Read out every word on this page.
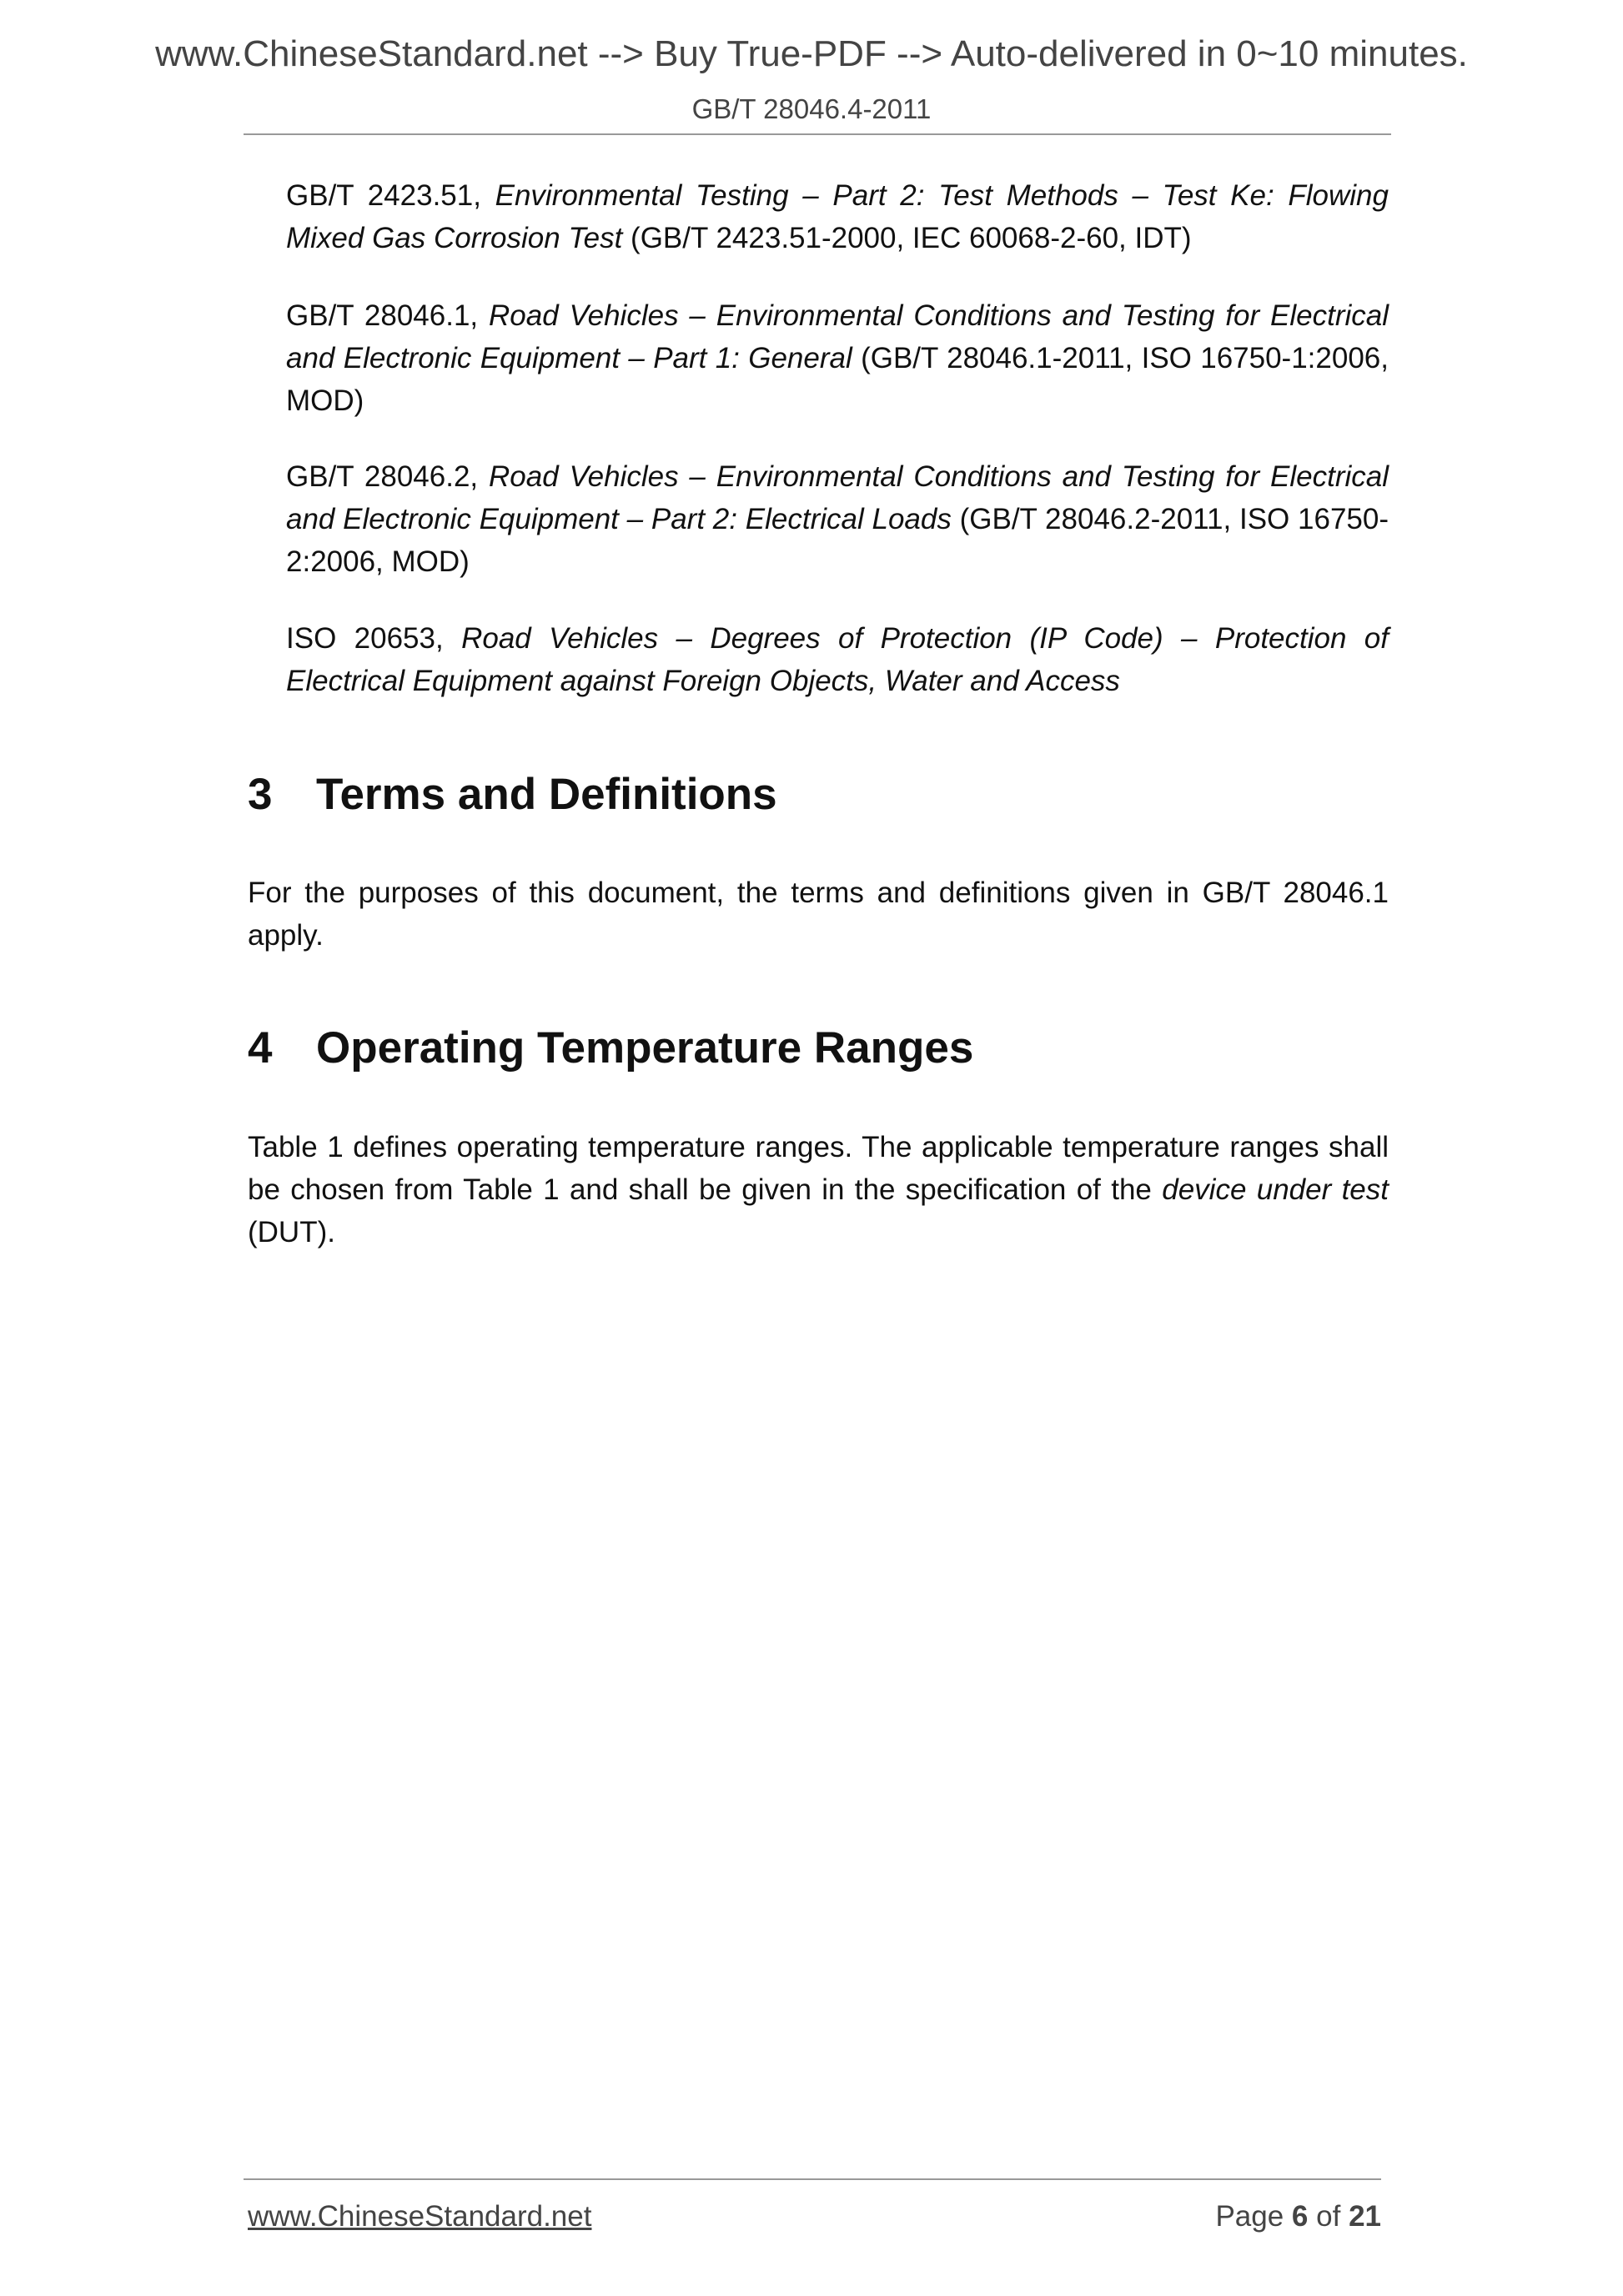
www.ChineseStandard.net --> Buy True-PDF --> Auto-delivered in 0~10 minutes.
GB/T 28046.4-2011
GB/T 2423.51, Environmental Testing – Part 2: Test Methods – Test Ke: Flowing Mixed Gas Corrosion Test (GB/T 2423.51-2000, IEC 60068-2-60, IDT)
GB/T 28046.1, Road Vehicles – Environmental Conditions and Testing for Electrical and Electronic Equipment – Part 1: General (GB/T 28046.1-2011, ISO 16750-1:2006, MOD)
GB/T 28046.2, Road Vehicles – Environmental Conditions and Testing for Electrical and Electronic Equipment – Part 2: Electrical Loads (GB/T 28046.2-2011, ISO 16750-2:2006, MOD)
ISO 20653, Road Vehicles – Degrees of Protection (IP Code) – Protection of Electrical Equipment against Foreign Objects, Water and Access
3 Terms and Definitions
For the purposes of this document, the terms and definitions given in GB/T 28046.1 apply.
4 Operating Temperature Ranges
Table 1 defines operating temperature ranges. The applicable temperature ranges shall be chosen from Table 1 and shall be given in the specification of the device under test (DUT).
www.ChineseStandard.net	Page 6 of 21
